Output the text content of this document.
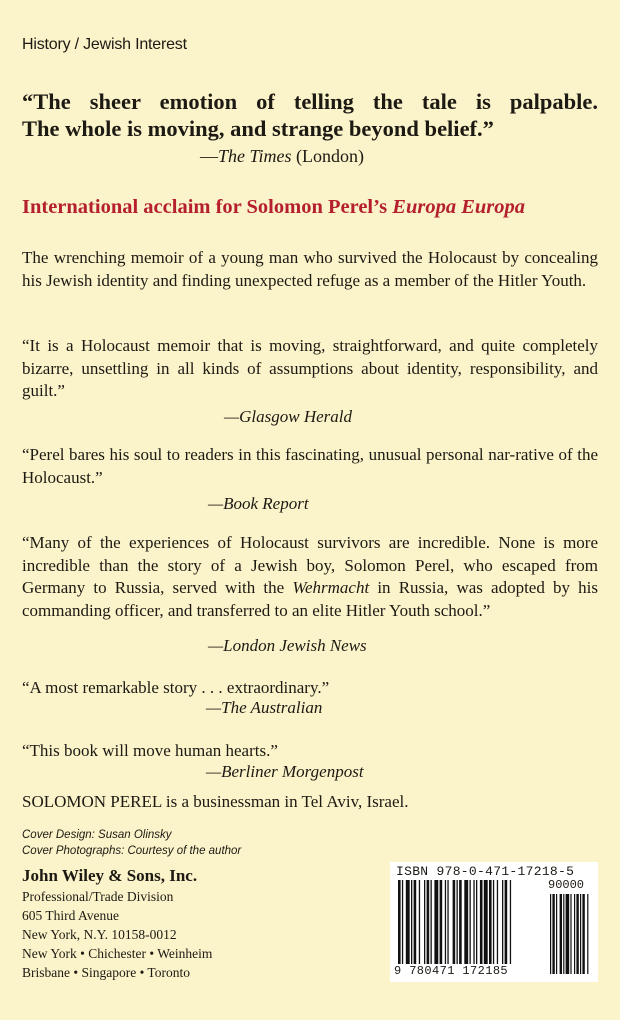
History / Jewish Interest
“The sheer emotion of telling the tale is palpable.
The whole is moving, and strange beyond belief.”
—The Times (London)
International acclaim for Solomon Perel’s Europa Europa
The wrenching memoir of a young man who survived the Holocaust by concealing his Jewish identity and finding unexpected refuge as a member of the Hitler Youth.
“It is a Holocaust memoir that is moving, straightforward, and quite completely bizarre, unsettling in all kinds of assumptions about identity, responsibility, and guilt.”
—Glasgow Herald
“Perel bares his soul to readers in this fascinating, unusual personal nar-rative of the Holocaust.”
—Book Report
“Many of the experiences of Holocaust survivors are incredible. None is more incredible than the story of a Jewish boy, Solomon Perel, who escaped from Germany to Russia, served with the Wehrmacht in Russia, was adopted by his commanding officer, and transferred to an elite Hitler Youth school.”
—London Jewish News
“A most remarkable story . . . extraordinary.”
—The Australian
“This book will move human hearts.”
—Berliner Morgenpost
SOLOMON PEREL is a businessman in Tel Aviv, Israel.
Cover Design: Susan Olinsky
Cover Photographs: Courtesy of the author
John Wiley & Sons, Inc.
Professional/Trade Division
605 Third Avenue
New York, N.Y. 10158-0012
New York • Chichester • Weinheim
Brisbane • Singapore • Toronto
ISBN 978-0-471-17218-5
90000
9 780471 172185
